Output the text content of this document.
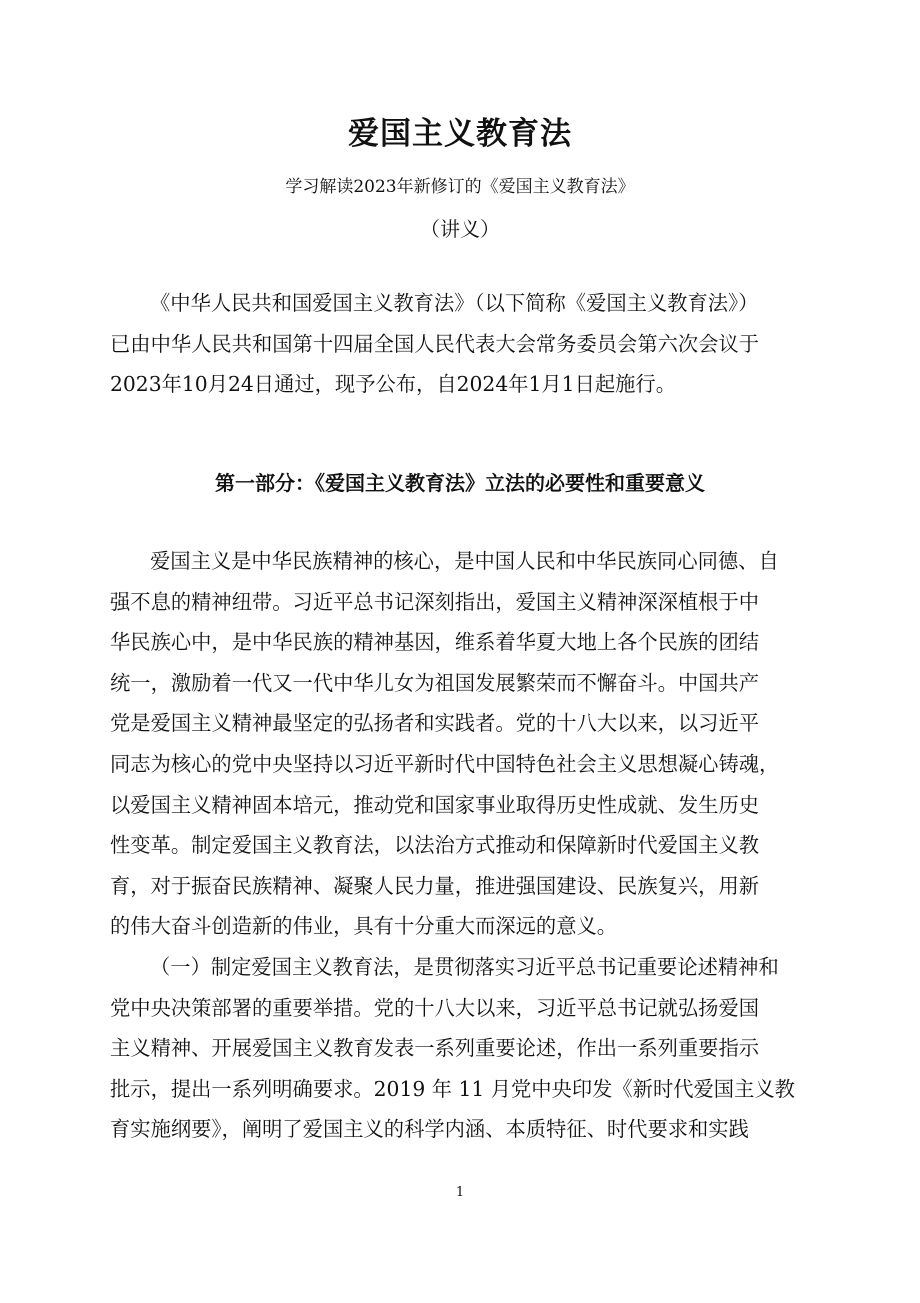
爱国主义教育法
学习解读2023年新修订的《爱国主义教育法》
（讲义）
《中华人民共和国爱国主义教育法》（以下简称《爱国主义教育法》）
已由中华人民共和国第十四届全国人民代表大会常务委员会第六次会议于
2023年10月24日通过，现予公布，自2024年1月1日起施行。
第一部分：《爱国主义教育法》立法的必要性和重要意义
爱国主义是中华民族精神的核心，是中国人民和中华民族同心同德、自
强不息的精神纽带。习近平总书记深刻指出，爱国主义精神深深植根于中
华民族心中，是中华民族的精神基因，维系着华夏大地上各个民族的团结
统一，激励着一代又一代中华儿女为祖国发展繁荣而不懈奋斗。中国共产
党是爱国主义精神最坚定的弘扬者和实践者。党的十八大以来，以习近平
同志为核心的党中央坚持以习近平新时代中国特色社会主义思想凝心铸魂，
以爱国主义精神固本培元，推动党和国家事业取得历史性成就、发生历史
性变革。制定爱国主义教育法，以法治方式推动和保障新时代爱国主义教
育，对于振奋民族精神、凝聚人民力量，推进强国建设、民族复兴，用新
的伟大奋斗创造新的伟业，具有十分重大而深远的意义。
（一）制定爱国主义教育法，是贯彻落实习近平总书记重要论述精神和
党中央决策部署的重要举措。党的十八大以来，习近平总书记就弘扬爱国
主义精神、开展爱国主义教育发表一系列重要论述，作出一系列重要指示
批示，提出一系列明确要求。2019 年 11 月党中央印发《新时代爱国主义教
育实施纲要》，阐明了爱国主义的科学内涵、本质特征、时代要求和实践
1
